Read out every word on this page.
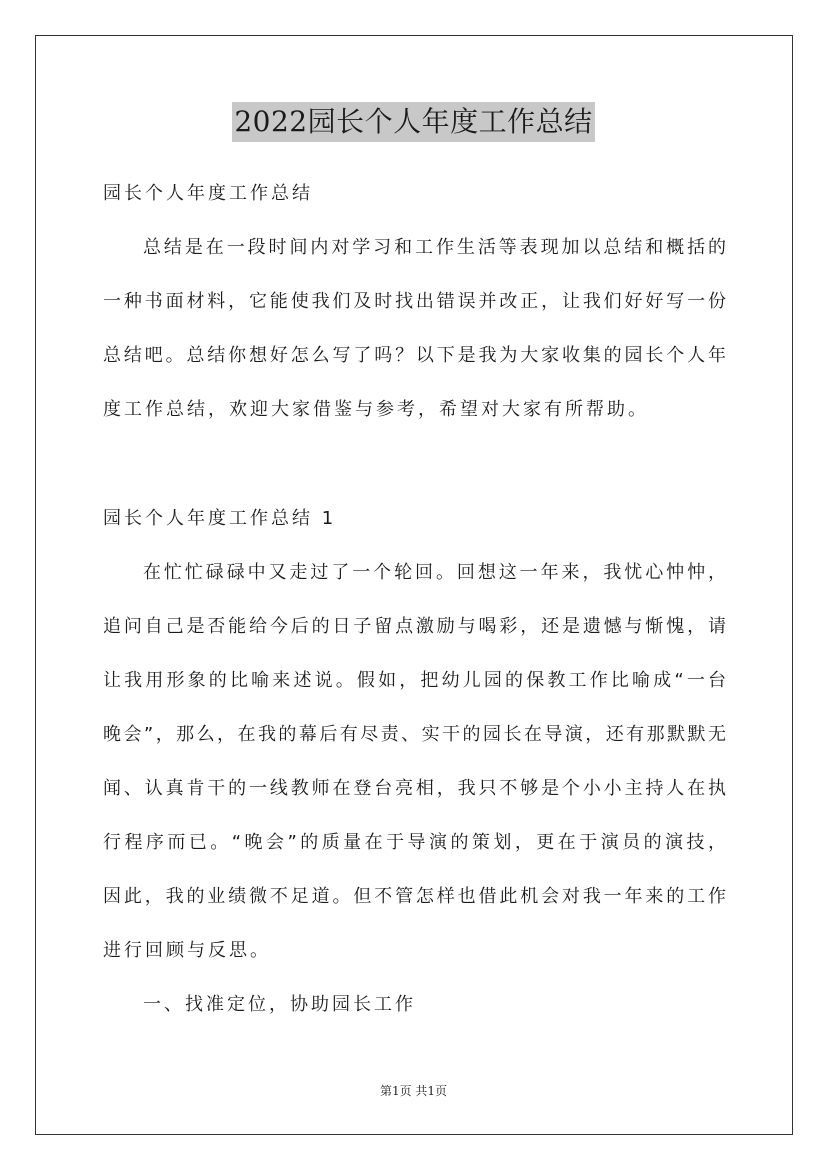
2022园长个人年度工作总结
园长个人年度工作总结
总结是在一段时间内对学习和工作生活等表现加以总结和概括的
一种书面材料，它能使我们及时找出错误并改正，让我们好好写一份
总结吧。总结你想好怎么写了吗？以下是我为大家收集的园长个人年
度工作总结，欢迎大家借鉴与参考，希望对大家有所帮助。
园长个人年度工作总结 1
在忙忙碌碌中又走过了一个轮回。回想这一年来，我忧心忡忡，
追问自己是否能给今后的日子留点激励与喝彩，还是遗憾与惭愧，请
让我用形象的比喻来述说。假如，把幼儿园的保教工作比喻成“一台
晚会”，那么，在我的幕后有尽责、实干的园长在导演，还有那默默无
闻、认真肯干的一线教师在登台亮相，我只不够是个小小主持人在执
行程序而已。“晚会”的质量在于导演的策划，更在于演员的演技，
因此，我的业绩微不足道。但不管怎样也借此机会对我一年来的工作
进行回顾与反思。
一、找准定位，协助园长工作
第1页 共1页
